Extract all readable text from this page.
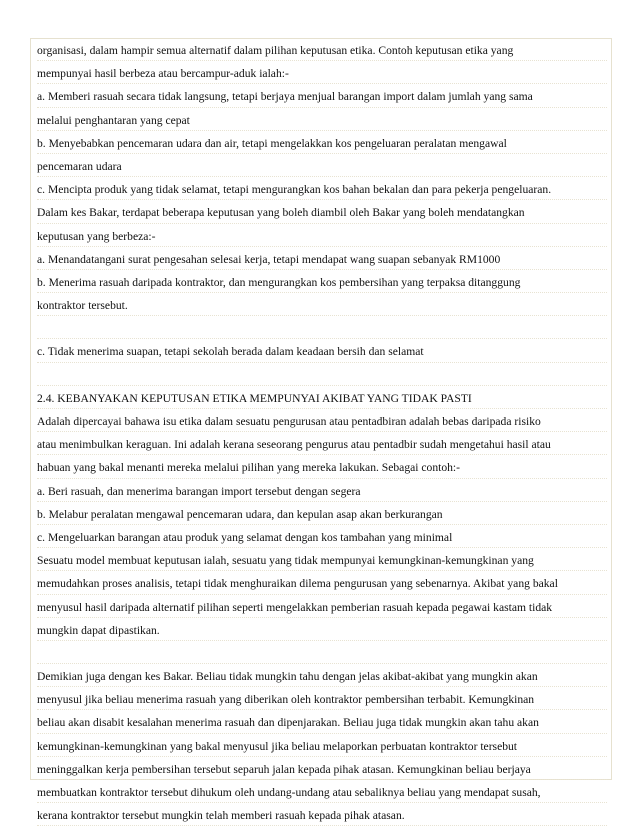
organisasi, dalam hampir semua alternatif dalam pilihan keputusan etika. Contoh keputusan etika yang
mempunyai hasil berbeza atau bercampur-aduk ialah:-
a. Memberi rasuah secara tidak langsung, tetapi berjaya menjual barangan import dalam jumlah yang sama
melalui penghantaran yang cepat
b. Menyebabkan pencemaran udara dan air, tetapi mengelakkan kos pengeluaran peralatan mengawal
pencemaran udara
c. Mencipta produk yang tidak selamat, tetapi mengurangkan kos bahan bekalan dan para pekerja pengeluaran.
Dalam kes Bakar, terdapat beberapa keputusan yang boleh diambil oleh Bakar yang boleh mendatangkan
keputusan yang berbeza:-
a. Menandatangani surat pengesahan selesai kerja, tetapi mendapat wang suapan sebanyak RM1000
b. Menerima rasuah daripada kontraktor, dan mengurangkan kos pembersihan yang terpaksa ditanggung
kontraktor tersebut.
c. Tidak menerima suapan, tetapi sekolah berada dalam keadaan bersih dan selamat
2.4. KEBANYAKAN KEPUTUSAN ETIKA MEMPUNYAI AKIBAT YANG TIDAK PASTI
Adalah dipercayai bahawa isu etika dalam sesuatu pengurusan atau pentadbiran adalah bebas daripada risiko
atau menimbulkan keraguan. Ini adalah kerana seseorang pengurus atau pentadbir sudah mengetahui hasil atau
habuan yang bakal menanti mereka melalui pilihan yang mereka lakukan. Sebagai contoh:-
a. Beri rasuah, dan menerima barangan import tersebut dengan segera
b. Melabur peralatan mengawal pencemaran udara, dan kepulan asap akan berkurangan
c. Mengeluarkan barangan atau produk yang selamat dengan kos tambahan yang minimal
Sesuatu model membuat keputusan ialah, sesuatu yang tidak mempunyai kemungkinan-kemungkinan yang
memudahkan proses analisis, tetapi tidak menghuraikan dilema pengurusan yang sebenarnya. Akibat yang bakal
menyusul hasil daripada alternatif pilihan seperti mengelakkan pemberian rasuah kepada pegawai kastam tidak
mungkin dapat dipastikan.
Demikian juga dengan kes Bakar. Beliau tidak mungkin tahu dengan jelas akibat-akibat yang mungkin akan
menyusul jika beliau menerima rasuah yang diberikan oleh kontraktor pembersihan terbabit. Kemungkinan
beliau akan disabit kesalahan menerima rasuah dan dipenjarakan. Beliau juga tidak mungkin akan tahu akan
kemungkinan-kemungkinan yang bakal menyusul jika beliau melaporkan perbuatan kontraktor tersebut
meninggalkan kerja pembersihan tersebut separuh jalan kepada pihak atasan. Kemungkinan beliau berjaya
membuatkan kontraktor tersebut dihukum oleh undang-undang atau sebaliknya beliau yang mendapat susah,
kerana kontraktor tersebut mungkin telah memberi rasuah kepada pihak atasan.
